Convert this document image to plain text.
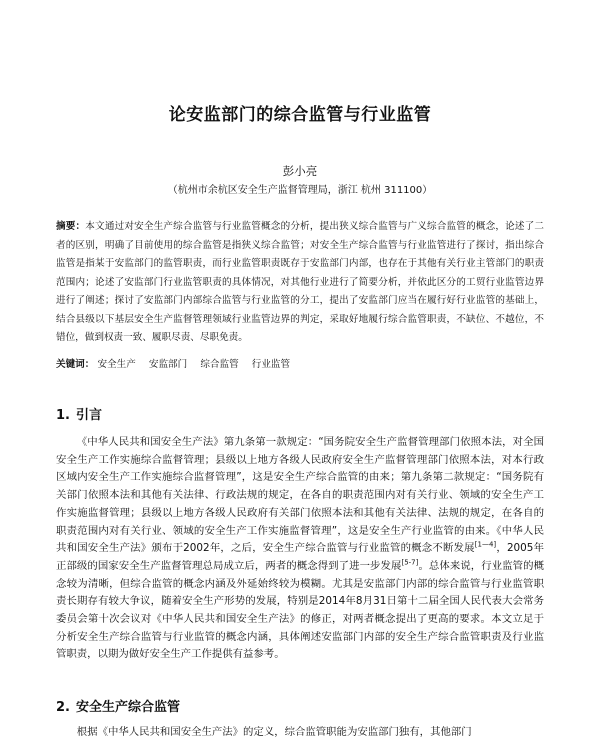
论安监部门的综合监管与行业监管
彭小亮
（杭州市余杭区安全生产监督管理局，浙江 杭州 311100）
摘要：本文通过对安全生产综合监管与行业监管概念的分析，提出狭义综合监管与广义综合监管的概念，论述了二者的区别，明确了目前使用的综合监管是指狭义综合监管；对安全生产综合监管与行业监管进行了探讨，指出综合监管是指某于安监部门的监管职责，而行业监管职责既存于安监部门内部，也存在于其他有关行业主管部门的职责范围内；论述了安监部门行业监管职责的具体情况，对其他行业进行了简要分析，并依此区分的工贸行业监管边界进行了阐述；探讨了安监部门内部综合监管与行业监管的分工，提出了安监部门应当在履行好行业监管的基础上，结合县级以下基层安全生产监督管理领域行业监管边界的判定，采取好地履行综合监管职责，不缺位、不越位，不错位，做到权责一致、履职尽责、尽职免责。
关键词： 安全生产 安监部门 综合监管 行业监管
1. 引言

《中华人民共和国安全生产法》第九条第一款规定：“国务院安全生产监督管理部门依照本法，对全国安全生产工作实施综合监督管理；县级以上地方各级人民政府安全生产监督管理部门依照本法，对本行政区域内安全生产工作实施综合监督管理”，这是安全生产综合监管的由来；第九条第二款规定：“国务院有关部门依照本法和其他有关法律、行政法规的规定，在各自的职责范围内对有关行业、领域的安全生产工作实施监督管理；县级以上地方各级人民政府有关部门依照本法和其他有关法律、法规的规定，在各自的职责范围内对有关行业、领域的安全生产工作实施监督管理”，这是安全生产行业监管的由来。《中华人民共和国安全生产法》颁布于2002年，之后，安全生产综合监管与行业监管的概念不断发展[1—4]，2005年正部级的国家安全生产监督管理总局成立后，两者的概念得到了进一步发展[5-7]。总体来说，行业监管的概念较为清晰，但综合监管的概念内涵及外延始终较为模糊。尤其是安监部门内部的综合监管与行业监管职责长期存有较大争议，随着安全生产形势的发展，特别是2014年8月31日第十二届全国人民代表大会常务委员会第十次会议对《中华人民共和国安全生产法》的修正，对两者概念提出了更高的要求。本文立足于分析安全生产综合监管与行业监管的概念内涵，具体阐述安监部门内部的安全生产综合监管职责及行业监管职责，以期为做好安全生产工作提供有益参考。

2. 安全生产综合监管

根据《中华人民共和国安全生产法》的定义，综合监管职能为安监部门独有，其他部门
